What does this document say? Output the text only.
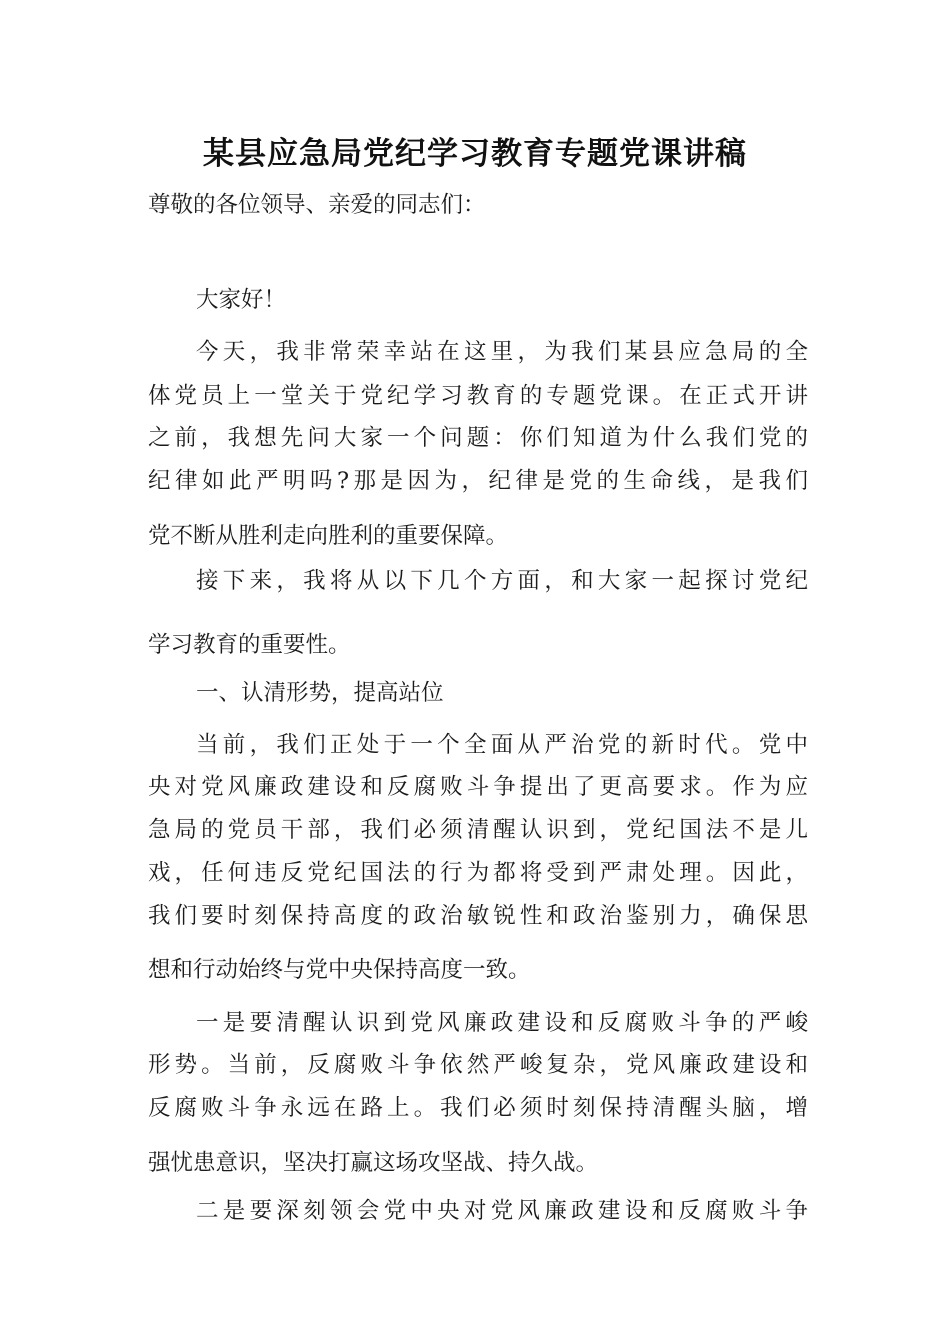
某县应急局党纪学习教育专题党课讲稿

尊敬的各位领导、亲爱的同志们：

大家好！

今天，我非常荣幸站在这里，为我们某县应急局的全

体党员上一堂关于党纪学习教育的专题党课。在正式开讲

之前，我想先问大家一个问题：你们知道为什么我们党的

纪律如此严明吗?那是因为，纪律是党的生命线，是我们

党不断从胜利走向胜利的重要保障。

接下来，我将从以下几个方面，和大家一起探讨党纪

学习教育的重要性。

一、认清形势，提高站位

当前，我们正处于一个全面从严治党的新时代。党中

央对党风廉政建设和反腐败斗争提出了更高要求。作为应

急局的党员干部，我们必须清醒认识到，党纪国法不是儿

戏，任何违反党纪国法的行为都将受到严肃处理。因此，

我们要时刻保持高度的政治敏锐性和政治鉴别力，确保思

想和行动始终与党中央保持高度一致。

一是要清醒认识到党风廉政建设和反腐败斗争的严峻

形势。当前，反腐败斗争依然严峻复杂，党风廉政建设和

反腐败斗争永远在路上。我们必须时刻保持清醒头脑，增

强忧患意识，坚决打赢这场攻坚战、持久战。

二是要深刻领会党中央对党风廉政建设和反腐败斗争
